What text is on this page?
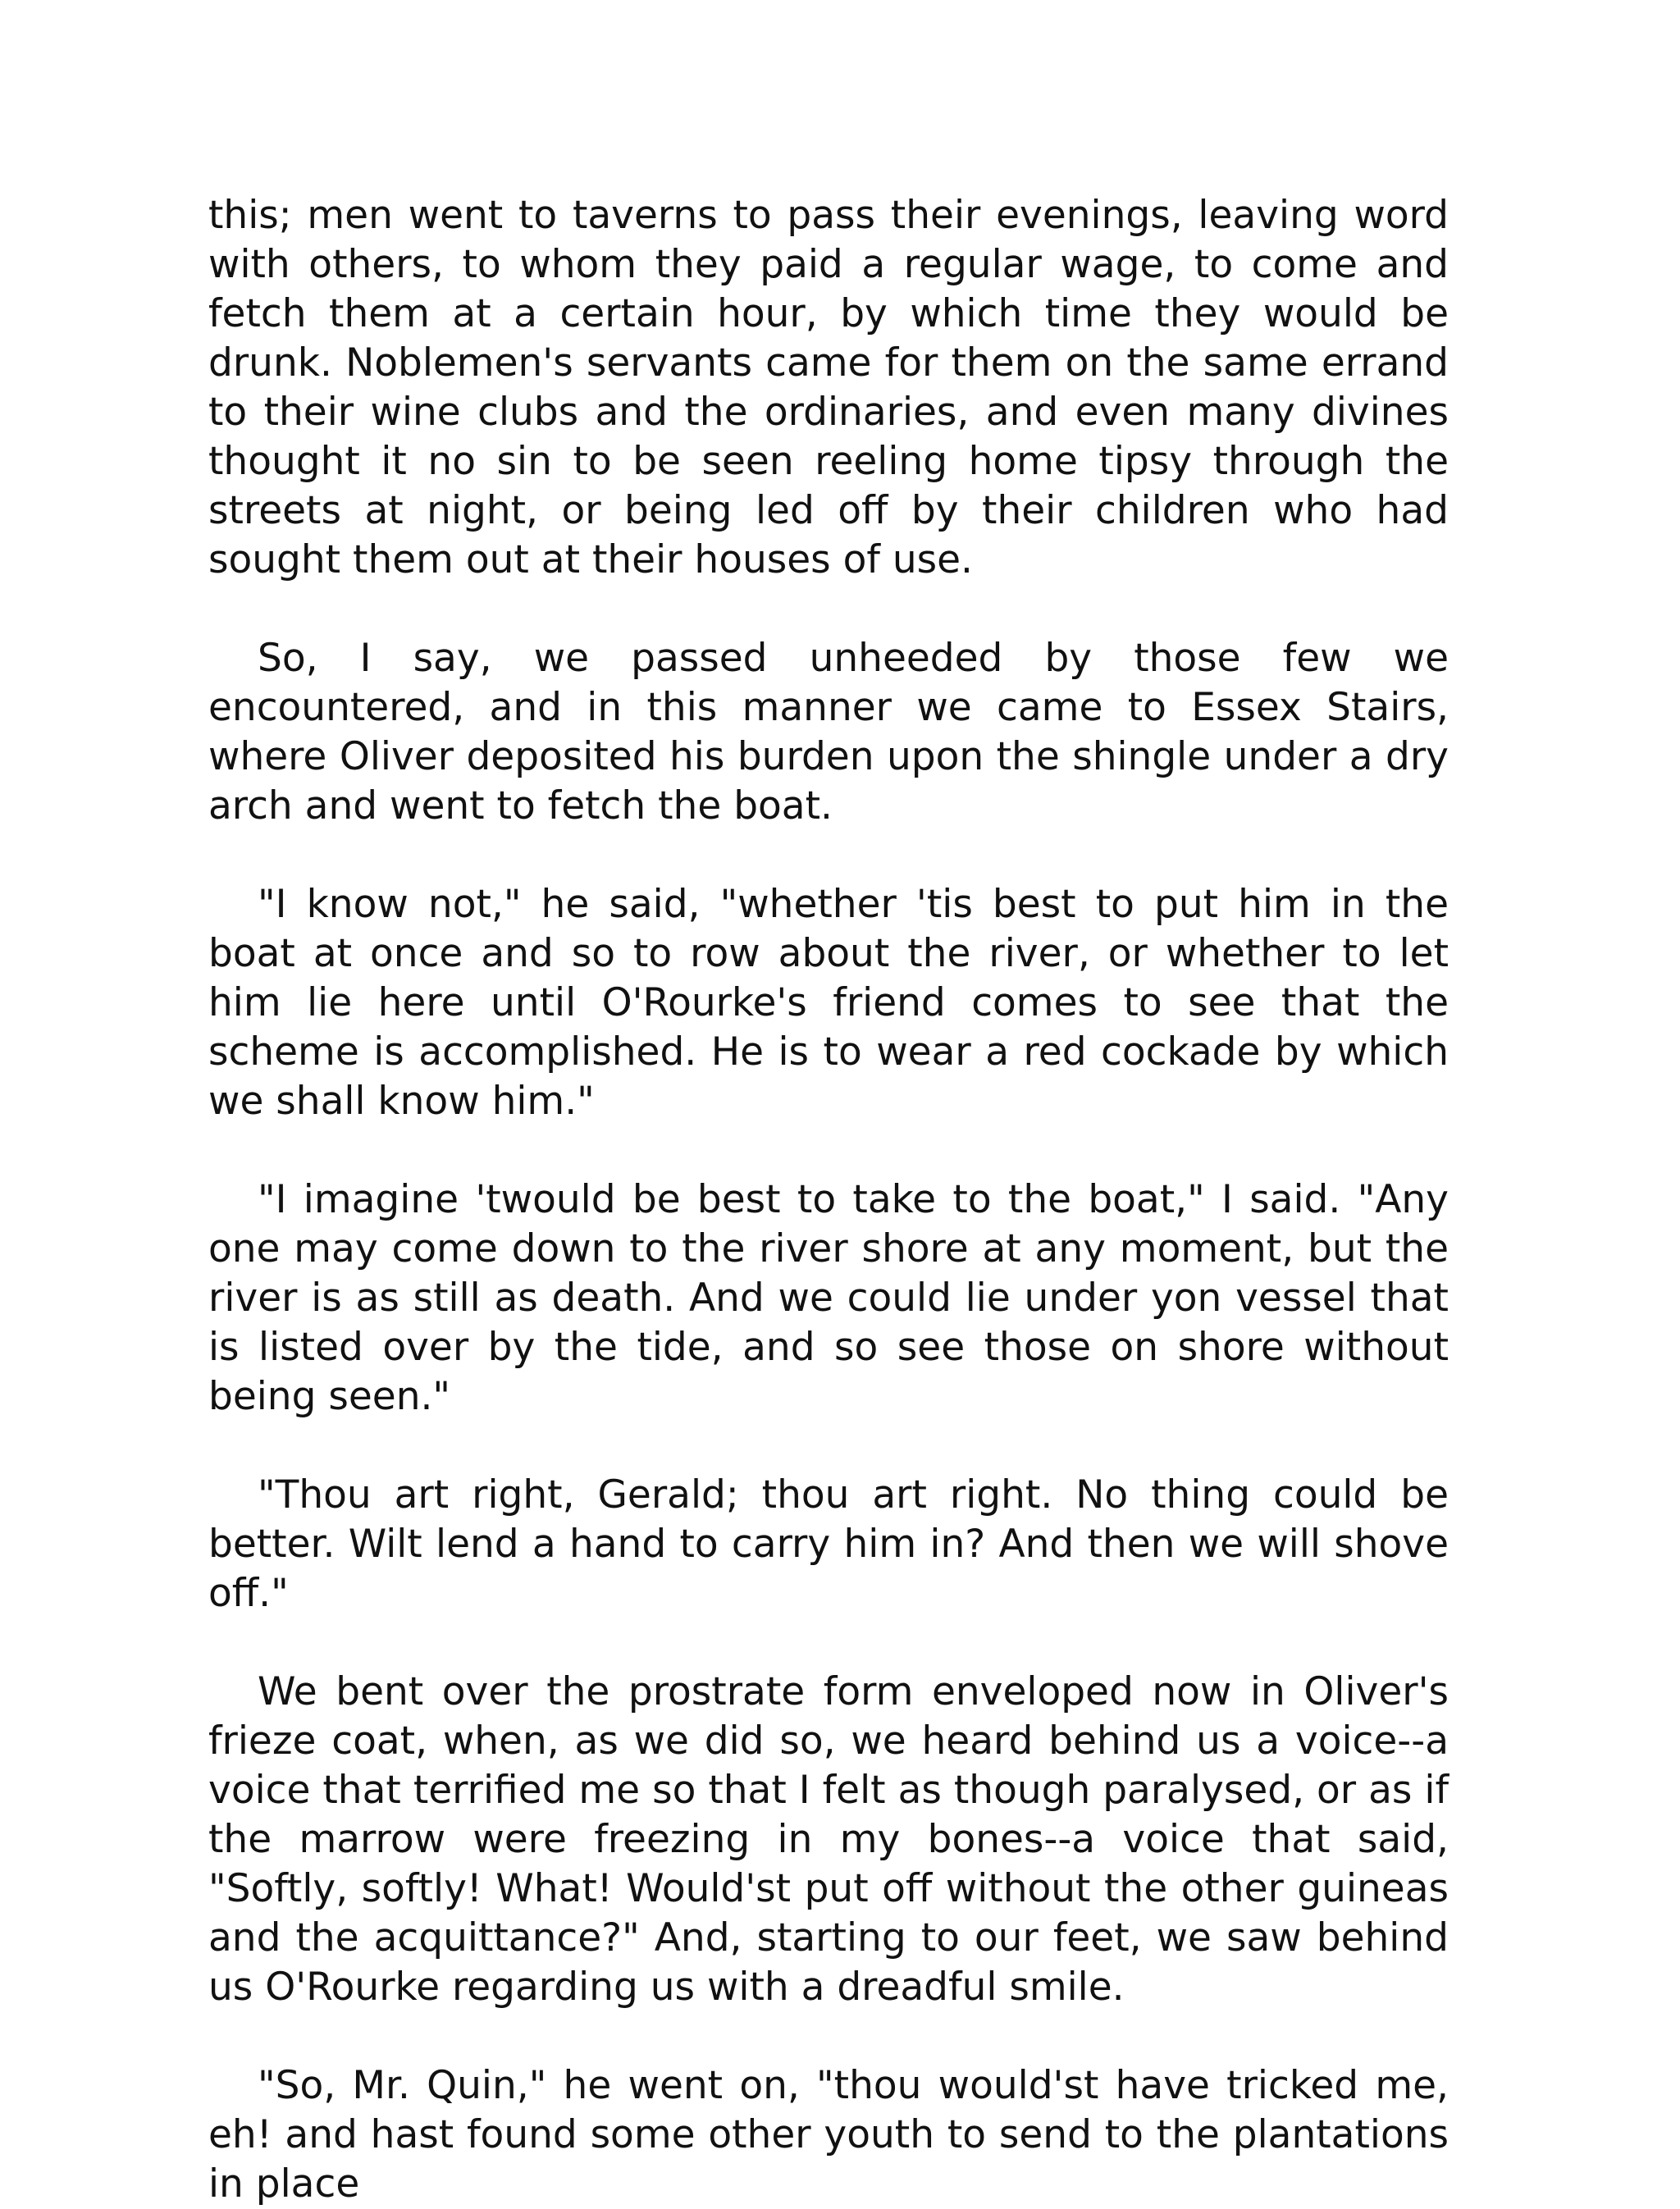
this; men went to taverns to pass their evenings, leaving word with others, to whom they paid a regular wage, to come and fetch them at a certain hour, by which time they would be drunk. Noblemen's servants came for them on the same errand to their wine clubs and the ordinaries, and even many divines thought it no sin to be seen reeling home tipsy through the streets at night, or being led off by their children who had sought them out at their houses of use.

So, I say, we passed unheeded by those few we encountered, and in this manner we came to Essex Stairs, where Oliver deposited his burden upon the shingle under a dry arch and went to fetch the boat.

"I know not," he said, "whether 'tis best to put him in the boat at once and so to row about the river, or whether to let him lie here until O'Rourke's friend comes to see that the scheme is accomplished. He is to wear a red cockade by which we shall know him."

"I imagine 'twould be best to take to the boat," I said. "Any one may come down to the river shore at any moment, but the river is as still as death. And we could lie under yon vessel that is listed over by the tide, and so see those on shore without being seen."

"Thou art right, Gerald; thou art right. No thing could be better. Wilt lend a hand to carry him in? And then we will shove off."

We bent over the prostrate form enveloped now in Oliver's frieze coat, when, as we did so, we heard behind us a voice--a voice that terrified me so that I felt as though paralysed, or as if the marrow were freezing in my bones--a voice that said, "Softly, softly! What! Would'st put off without the other guineas and the acquittance?" And, starting to our feet, we saw behind us O'Rourke regarding us with a dreadful smile.

"So, Mr. Quin," he went on, "thou would'st have tricked me, eh! and hast found some other youth to send to the plantations in place
